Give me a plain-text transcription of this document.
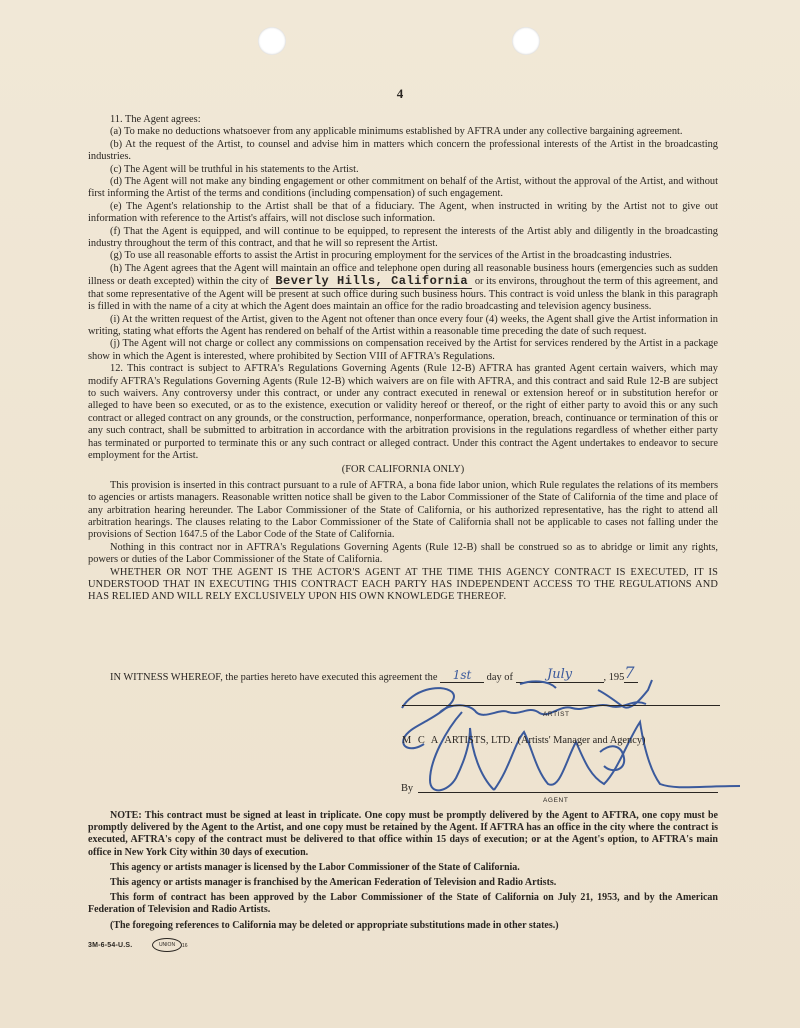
4

11. The Agent agrees:

(a) To make no deductions whatsoever from any applicable minimums established by AFTRA under any collective bargaining agreement.

(b) At the request of the Artist, to counsel and advise him in matters which concern the professional interests of the Artist in the broadcasting industries.

(c) The Agent will be truthful in his statements to the Artist.

(d) The Agent will not make any binding engagement or other commitment on behalf of the Artist, without the approval of the Artist, and without first informing the Artist of the terms and conditions (including compensation) of such engagement.

(e) The Agent's relationship to the Artist shall be that of a fiduciary. The Agent, when instructed in writing by the Artist not to give out information with reference to the Artist's affairs, will not disclose such information.

(f) That the Agent is equipped, and will continue to be equipped, to represent the interests of the Artist ably and diligently in the broadcasting industry throughout the term of this contract, and that he will so represent the Artist.

(g) To use all reasonable efforts to assist the Artist in procuring employment for the services of the Artist in the broadcasting industries.

(h) The Agent agrees that the Agent will maintain an office and telephone open during all reasonable business hours (emergencies such as sudden illness or death excepted) within the city of Beverly Hills, California or its environs, throughout the term of this agreement, and that some representative of the Agent will be present at such office during such business hours. This contract is void unless the blank in this paragraph is filled in with the name of a city at which the Agent does maintain an office for the radio broadcasting and television agency business.

(i) At the written request of the Artist, given to the Agent not oftener than once every four (4) weeks, the Agent shall give the Artist information in writing, stating what efforts the Agent has rendered on behalf of the Artist within a reasonable time preceding the date of such request.

(j) The Agent will not charge or collect any commissions on compensation received by the Artist for services rendered by the Artist in a package show in which the Agent is interested, where prohibited by Section VIII of AFTRA's Regulations.

12. This contract is subject to AFTRA's Regulations Governing Agents (Rule 12-B) AFTRA has granted Agent certain waivers, which may modify AFTRA's Regulations Governing Agents (Rule 12-B) which waivers are on file with AFTRA, and this contract and said Rule 12-B are subject to such waivers. Any controversy under this contract, or under any contract executed in renewal or extension hereof or in substitution herefor or alleged to have been so executed, or as to the existence, execution or validity hereof or thereof, or the right of either party to avoid this or any such contract or alleged contract on any grounds, or the construction, performance, nonperformance, operation, breach, continuance or termination of this or any such contract, shall be submitted to arbitration in accordance with the arbitration provisions in the regulations regardless of whether either party has terminated or purported to terminate this or any such contract or alleged contract. Under this contract the Agent undertakes to endeavor to secure employment for the Artist.

(FOR CALIFORNIA ONLY)

This provision is inserted in this contract pursuant to a rule of AFTRA, a bona fide labor union, which Rule regulates the relations of its members to agencies or artists managers. Reasonable written notice shall be given to the Labor Commissioner of the State of California of the time and place of any arbitration hearing hereunder. The Labor Commissioner of the State of California, or his authorized representative, has the right to attend all arbitration hearings. The clauses relating to the Labor Commissioner of the State of California shall not be applicable to cases not falling under the provisions of Section 1647.5 of the Labor Code of the State of California.

Nothing in this contract nor in AFTRA's Regulations Governing Agents (Rule 12-B) shall be construed so as to abridge or limit any rights, powers or duties of the Labor Commissioner of the State of California.

WHETHER OR NOT THE AGENT IS THE ACTOR'S AGENT AT THE TIME THIS AGENCY CONTRACT IS EXECUTED, IT IS UNDERSTOOD THAT IN EXECUTING THIS CONTRACT EACH PARTY HAS INDEPENDENT ACCESS TO THE REGULATIONS AND HAS RELIED AND WILL RELY EXCLUSIVELY UPON HIS OWN KNOWLEDGE THEREOF.

IN WITNESS WHEREOF, the parties hereto have executed this agreement the 1st day of	July	, 1957
ARTIST
M C A ARTISTS, LTD. (Artists' Manager and Agency)
By
AGENT

NOTE: This contract must be signed at least in triplicate. One copy must be promptly delivered by the Agent to AFTRA, one copy must be promptly delivered by the Agent to the Artist, and one copy must be retained by the Agent. If AFTRA has an office in the city where the contract is executed, AFTRA's copy of the contract must be delivered to that office within 15 days of execution; or at the Agent's option, to AFTRA's main office in New York City within 30 days of execution.

This agency or artists manager is licensed by the Labor Commissioner of the State of California.

This agency or artists manager is franchised by the American Federation of Television and Radio Artists.

This form of contract has been approved by the Labor Commissioner of the State of California on July 21, 1953, and by the American Federation of Television and Radio Artists.

(The foregoing references to California may be deleted or appropriate substitutions made in other states.)

3M-6-54-U.S.	UNION	16
